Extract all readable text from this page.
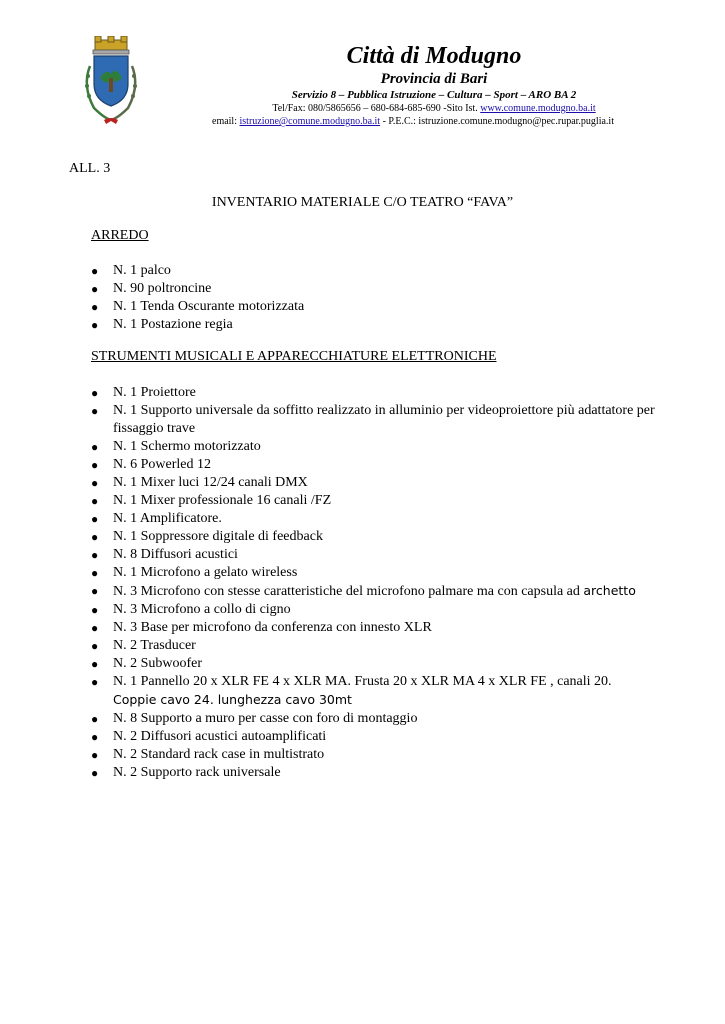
Città di Modugno
Provincia di Bari
Servizio 8 – Pubblica Istruzione – Cultura – Sport – ARO BA 2
Tel/Fax: 080/5865656 – 680-684-685-690 -Sito Ist. www.comune.modugno.ba.it
email: istruzione@comune.modugno.ba.it - P.E.C.: istruzione.comune.modugno@pec.rupar.puglia.it
ALL. 3
INVENTARIO MATERIALE C/O TEATRO “FAVA”
ARREDO
● N. 1 palco
● N. 90 poltroncine
● N. 1 Tenda Oscurante motorizzata
● N. 1 Postazione regia
STRUMENTI MUSICALI E APPARECCHIATURE ELETTRONICHE
● N. 1 Proiettore
● N. 1 Supporto universale da soffitto realizzato in alluminio per videoproiettore più adattatore per fissaggio trave
● N. 1 Schermo motorizzato
● N. 6 Powerled 12
● N. 1 Mixer luci 12/24 canali DMX
● N. 1 Mixer professionale 16 canali /FZ
● N. 1 Amplificatore.
● N. 1 Soppressore digitale di feedback
● N. 8 Diffusori acustici
● N. 1 Microfono a gelato wireless
● N. 3 Microfono con stesse caratteristiche del microfono palmare ma con capsula ad archetto
● N. 3 Microfono a collo di cigno
● N. 3 Base per microfono da conferenza con innesto XLR
● N. 2 Trasducer
● N. 2 Subwoofer
● N. 1 Pannello 20 x XLR FE 4 x XLR MA. Frusta 20 x XLR MA 4 x XLR FE , canali 20.
Coppie cavo 24. lunghezza cavo 30mt
● N. 8 Supporto a muro per casse con foro di montaggio
● N. 2 Diffusori acustici autoamplificati
● N. 2 Standard rack case in multistrato
● N. 2 Supporto rack universale
